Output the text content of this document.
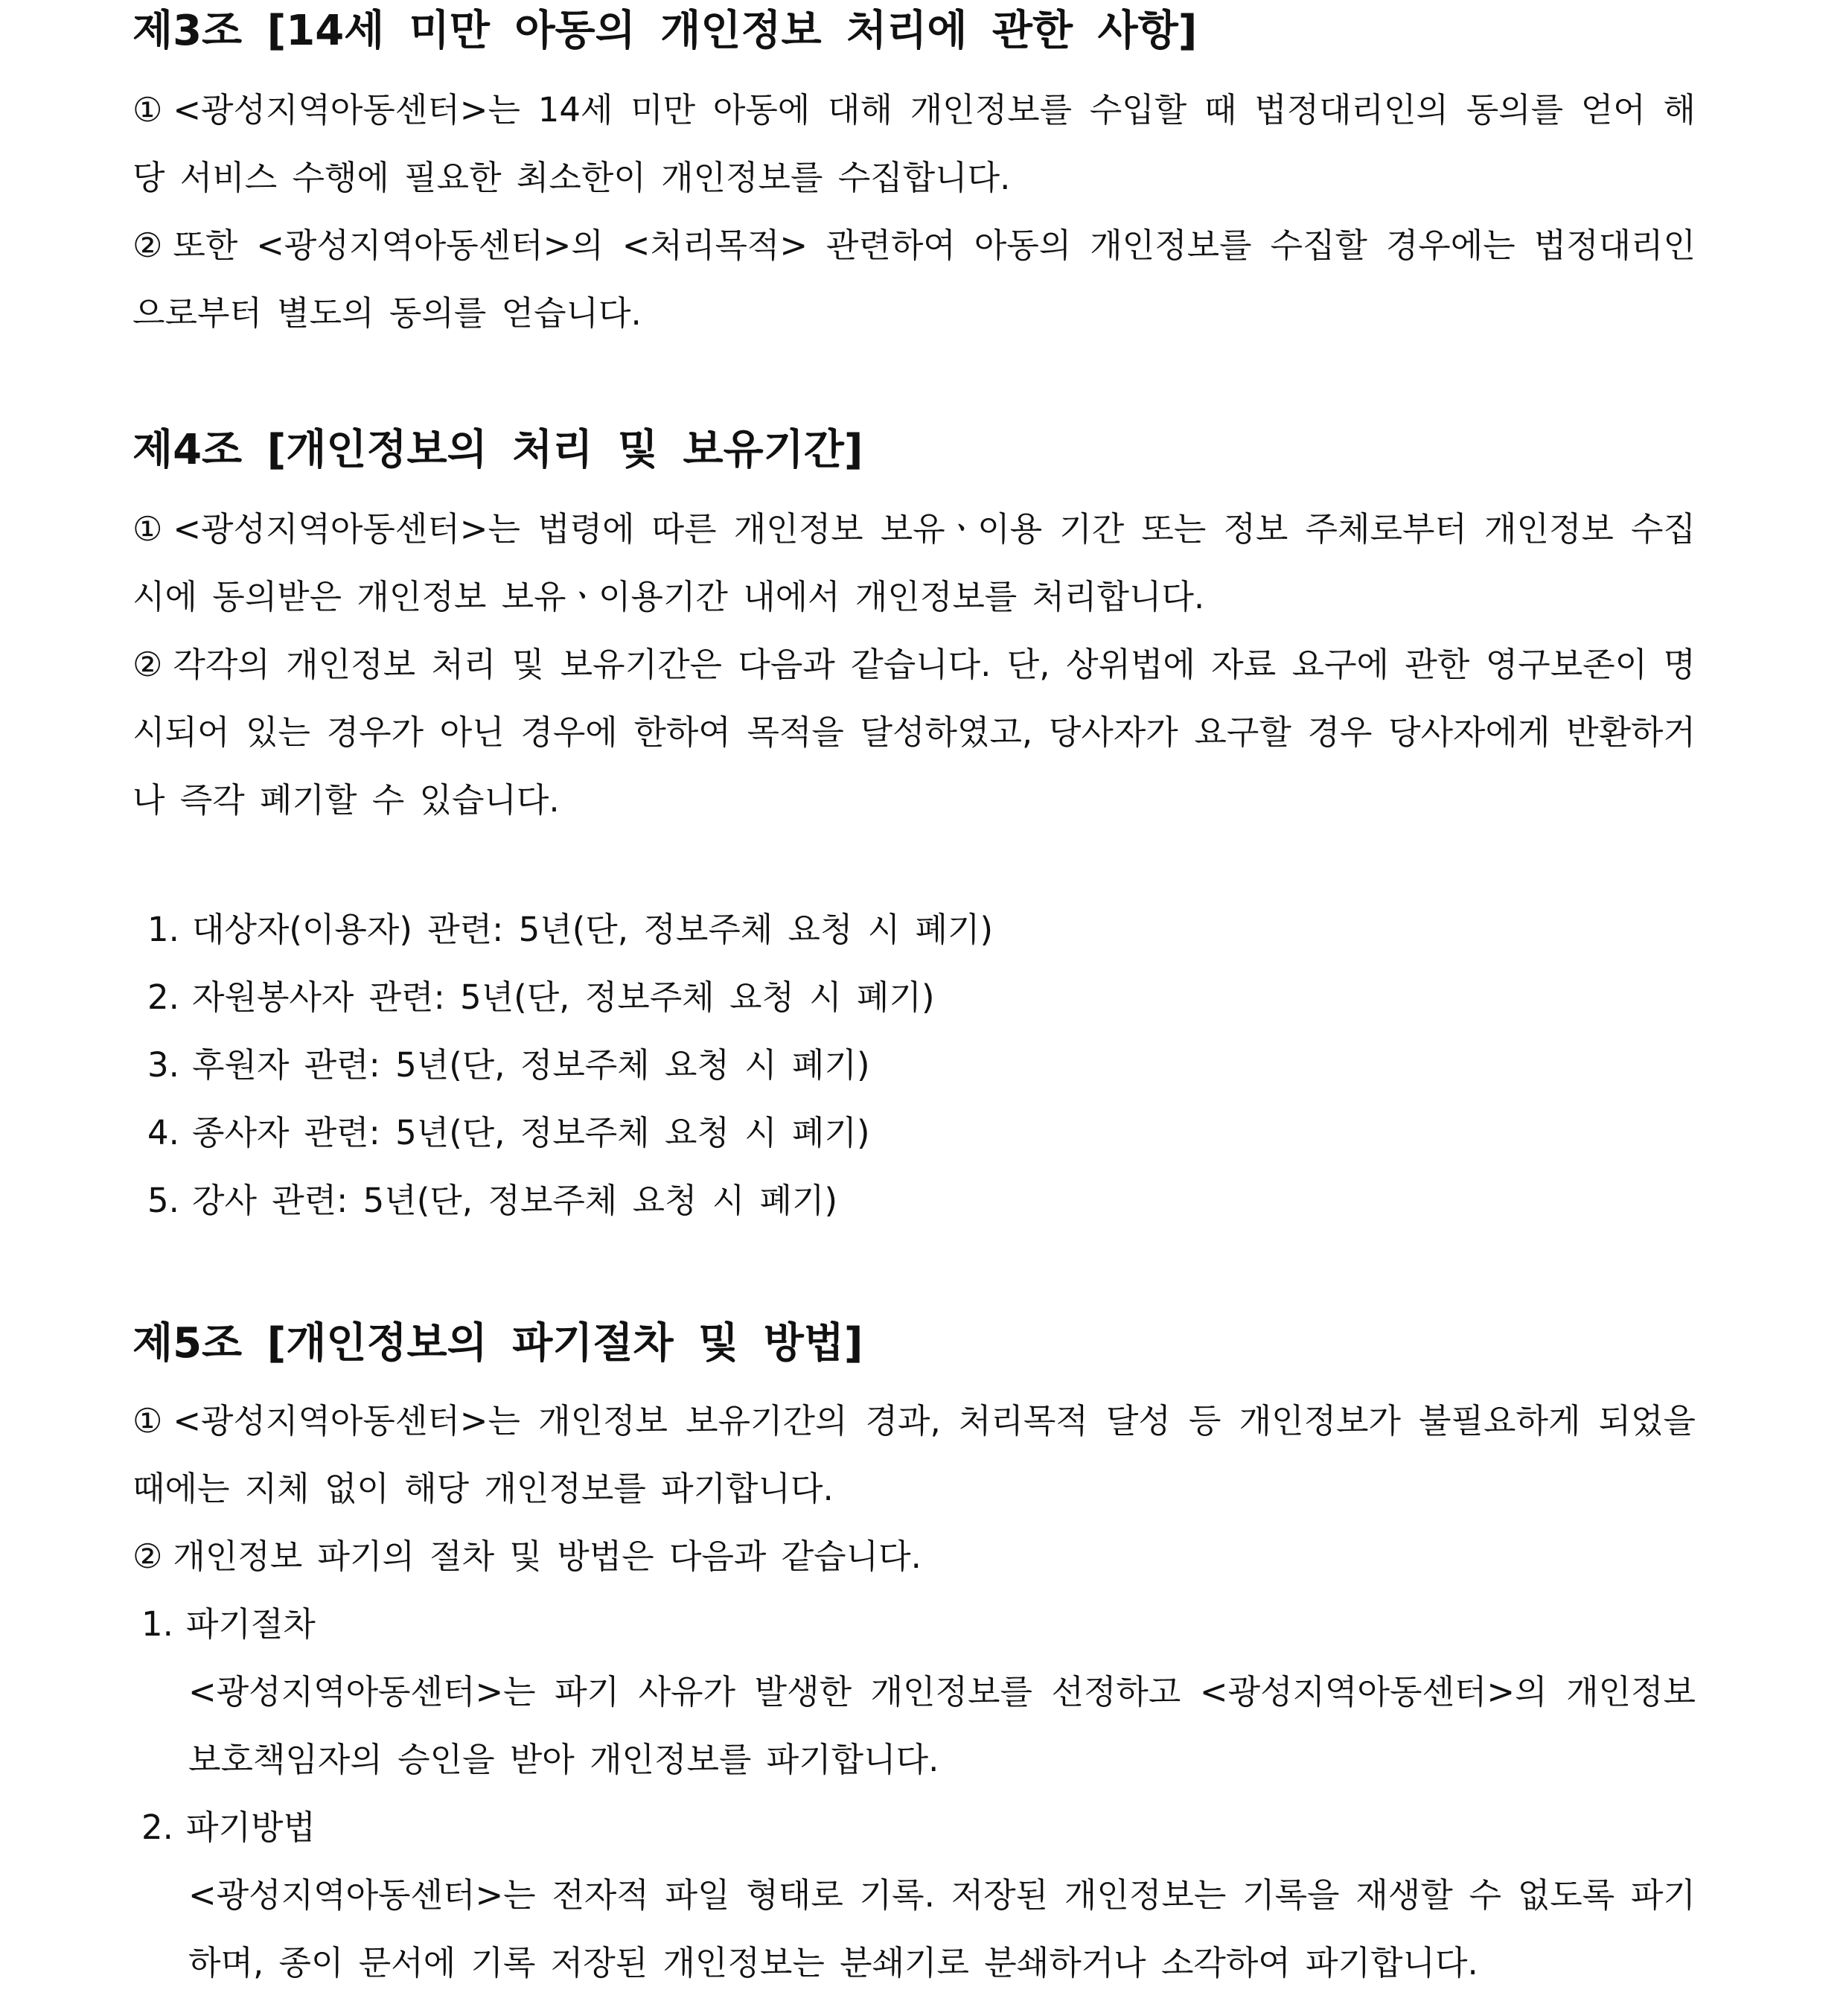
제3조 [14세 미만 아동의 개인정보 처리에 관한 사항]

① <광성지역아동센터>는 14세 미만 아동에 대해 개인정보를 수입할 때 법정대리인의 동의를 얻어 해당 서비스 수행에 필요한 최소한이 개인정보를 수집합니다.

② 또한 <광성지역아동센터>의 <처리목적> 관련하여 아동의 개인정보를 수집할 경우에는 법정대리인으로부터 별도의 동의를 얻습니다.

제4조 [개인정보의 처리 및 보유기간]

① <광성지역아동센터>는 법령에 따른 개인정보 보유ㆍ이용 기간 또는 정보 주체로부터 개인정보 수집 시에 동의받은 개인정보 보유ㆍ이용기간 내에서 개인정보를 처리합니다.

② 각각의 개인정보 처리 및 보유기간은 다음과 같습니다. 단, 상위법에 자료 요구에 관한 영구보존이 명시되어 있는 경우가 아닌 경우에 한하여 목적을 달성하였고, 당사자가 요구할 경우 당사자에게 반환하거나 즉각 폐기할 수 있습니다.

1. 대상자(이용자) 관련: 5년(단, 정보주체 요청 시 폐기)
2. 자원봉사자 관련: 5년(단, 정보주체 요청 시 폐기)
3. 후원자 관련: 5년(단, 정보주체 요청 시 폐기)
4. 종사자 관련: 5년(단, 정보주체 요청 시 폐기)
5. 강사 관련: 5년(단, 정보주체 요청 시 폐기)
제5조 [개인정보의 파기절차 및 방법]

① <광성지역아동센터>는 개인정보 보유기간의 경과, 처리목적 달성 등 개인정보가 불필요하게 되었을 때에는 지체 없이 해당 개인정보를 파기합니다.

② 개인정보 파기의 절차 및 방법은 다음과 같습니다.

1. 파기절차

<광성지역아동센터>는 파기 사유가 발생한 개인정보를 선정하고 <광성지역아동센터>의 개인정보 보호책임자의 승인을 받아 개인정보를 파기합니다.

2. 파기방법

<광성지역아동센터>는 전자적 파일 형태로 기록. 저장된 개인정보는 기록을 재생할 수 없도록 파기하며, 종이 문서에 기록 저장된 개인정보는 분쇄기로 분쇄하거나 소각하여 파기합니다.
